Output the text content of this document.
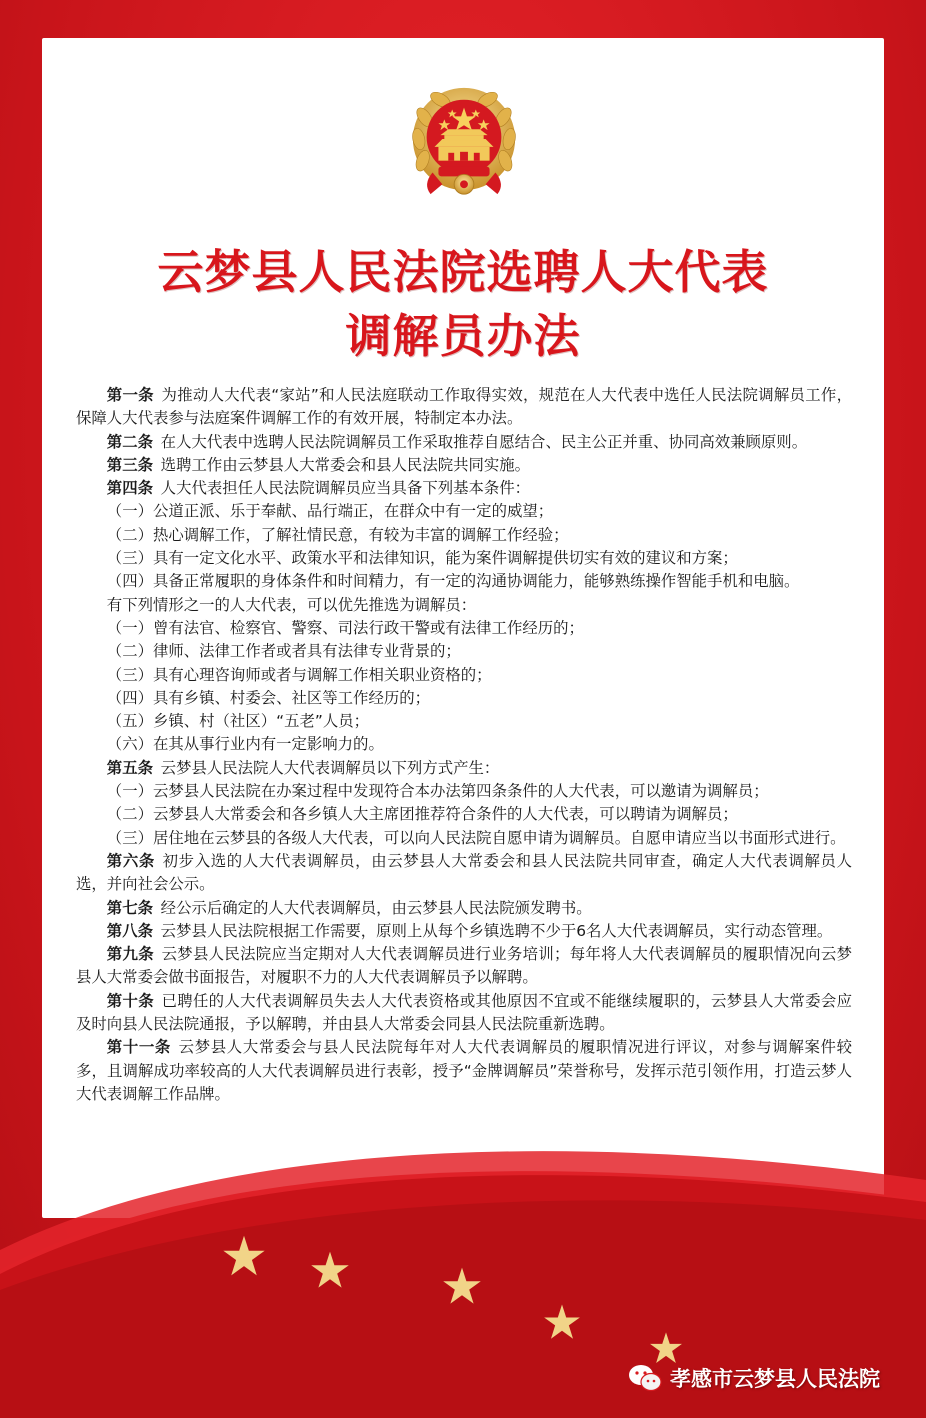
云梦县人民法院选聘人大代表
调解员办法

第一条 为推动人大代表“家站”和人民法庭联动工作取得实效，规范在人大代表中选任人民法院调解员工作，保障人大代表参与法庭案件调解工作的有效开展，特制定本办法。

第二条 在人大代表中选聘人民法院调解员工作采取推荐自愿结合、民主公正并重、协同高效兼顾原则。

第三条 选聘工作由云梦县人大常委会和县人民法院共同实施。

第四条 人大代表担任人民法院调解员应当具备下列基本条件：

（一）公道正派、乐于奉献、品行端正，在群众中有一定的威望；

（二）热心调解工作，了解社情民意，有较为丰富的调解工作经验；

（三）具有一定文化水平、政策水平和法律知识，能为案件调解提供切实有效的建议和方案；

（四）具备正常履职的身体条件和时间精力，有一定的沟通协调能力，能够熟练操作智能手机和电脑。

有下列情形之一的人大代表，可以优先推选为调解员：

（一）曾有法官、检察官、警察、司法行政干警或有法律工作经历的；

（二）律师、法律工作者或者具有法律专业背景的；

（三）具有心理咨询师或者与调解工作相关职业资格的；

（四）具有乡镇、村委会、社区等工作经历的；

（五）乡镇、村（社区）“五老”人员；

（六）在其从事行业内有一定影响力的。

第五条 云梦县人民法院人大代表调解员以下列方式产生：

（一）云梦县人民法院在办案过程中发现符合本办法第四条条件的人大代表，可以邀请为调解员；

（二）云梦县人大常委会和各乡镇人大主席团推荐符合条件的人大代表，可以聘请为调解员；

（三）居住地在云梦县的各级人大代表，可以向人民法院自愿申请为调解员。自愿申请应当以书面形式进行。

第六条 初步入选的人大代表调解员，由云梦县人大常委会和县人民法院共同审查，确定人大代表调解员人选，并向社会公示。

第七条 经公示后确定的人大代表调解员，由云梦县人民法院颁发聘书。

第八条 云梦县人民法院根据工作需要，原则上从每个乡镇选聘不少于6名人大代表调解员，实行动态管理。

第九条 云梦县人民法院应当定期对人大代表调解员进行业务培训；每年将人大代表调解员的履职情况向云梦县人大常委会做书面报告，对履职不力的人大代表调解员予以解聘。

第十条 已聘任的人大代表调解员失去人大代表资格或其他原因不宜或不能继续履职的，云梦县人大常委会应及时向县人民法院通报，予以解聘，并由县人大常委会同县人民法院重新选聘。

第十一条 云梦县人大常委会与县人民法院每年对人大代表调解员的履职情况进行评议，对参与调解案件较多，且调解成功率较高的人大代表调解员进行表彰，授予“金牌调解员”荣誉称号，发挥示范引领作用，打造云梦人大代表调解工作品牌。

孝感市云梦县人民法院
